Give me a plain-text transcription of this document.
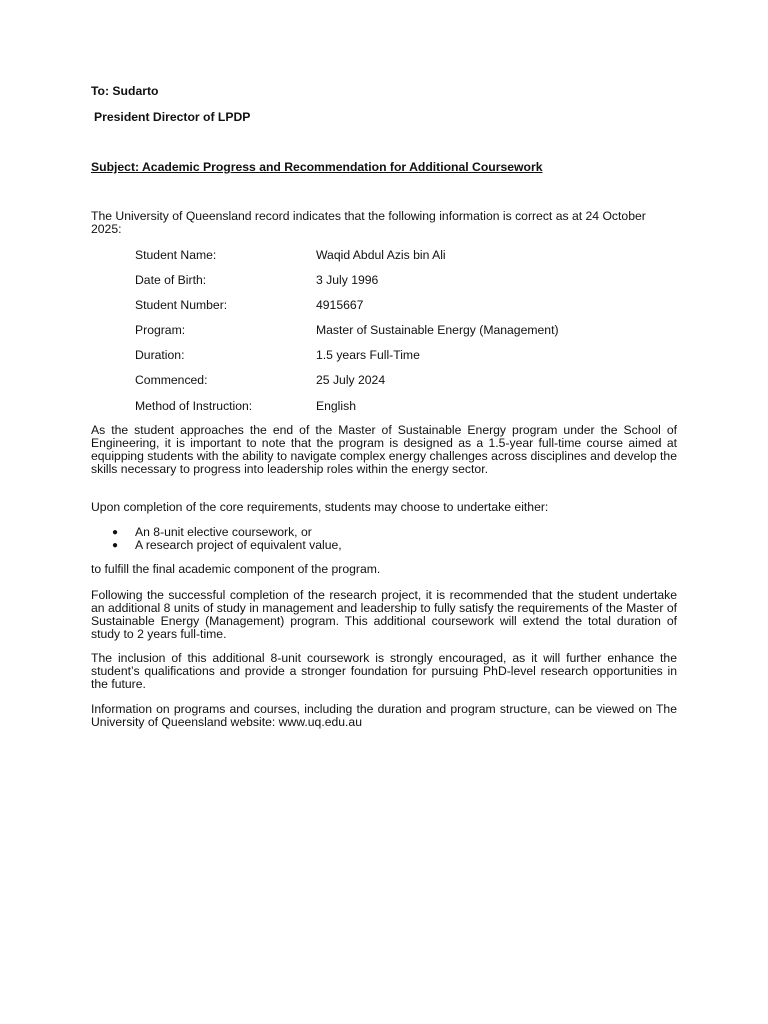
To: Sudarto
President Director of LPDP
Subject: Academic Progress and Recommendation for Additional Coursework
The University of Queensland record indicates that the following information is correct as at 24 October 2025:
Student Name:	Waqid Abdul Azis bin Ali
Date of Birth:	3 July 1996
Student Number:	4915667
Program:	Master of Sustainable Energy (Management)
Duration:	1.5 years Full-Time
Commenced:	25 July 2024
Method of Instruction:	English
As the student approaches the end of the Master of Sustainable Energy program under the School of Engineering, it is important to note that the program is designed as a 1.5-year full-time course aimed at equipping students with the ability to navigate complex energy challenges across disciplines and develop the skills necessary to progress into leadership roles within the energy sector.
Upon completion of the core requirements, students may choose to undertake either:
●	An 8-unit elective coursework, or
●	A research project of equivalent value,
to fulfill the final academic component of the program.
Following the successful completion of the research project, it is recommended that the student undertake an additional 8 units of study in management and leadership to fully satisfy the requirements of the Master of Sustainable Energy (Management) program. This additional coursework will extend the total duration of study to 2 years full-time.
The inclusion of this additional 8-unit coursework is strongly encouraged, as it will further enhance the student’s qualifications and provide a stronger foundation for pursuing PhD-level research opportunities in the future.
Information on programs and courses, including the duration and program structure, can be viewed on The University of Queensland website: www.uq.edu.au
